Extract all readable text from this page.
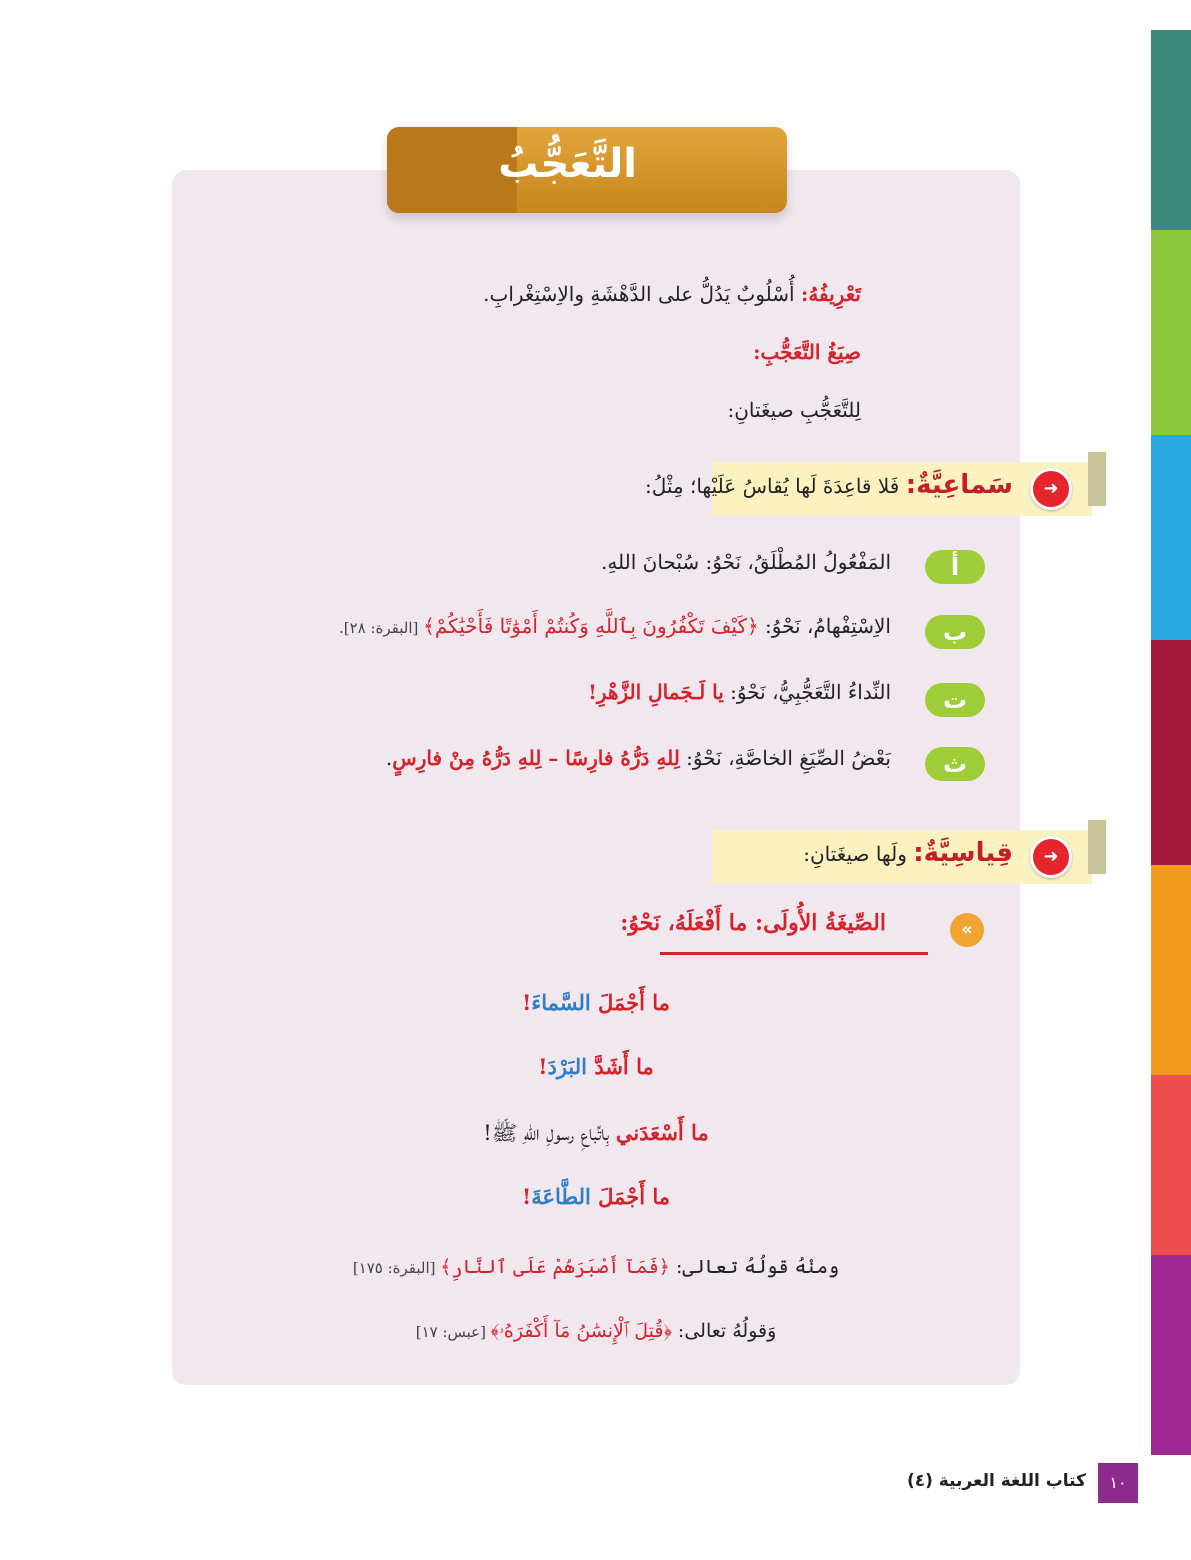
التَّعَجُّبُ
تَعْرِيفُهُ: أُسْلُوبٌ يَدُلُّ على الدَّهْشَةِ والاِسْتِغْرابِ.
صِيَغُ التَّعَجُّبِ:
لِلتَّعَجُّبِ صيغَتانِ:
➜
سَماعِيَّةٌ: فَلا قاعِدَةَ لَها يُقاسُ عَلَيْها؛ مِثْلُ:
أ
المَفْعُولُ المُطْلَقُ، نَحْوُ: سُبْحانَ اللهِ.
ب
الاِسْتِفْهامُ، نَحْوُ: ﴿كَيْفَ تَكْفُرُونَ بِٱللَّهِ وَكُنتُمْ أَمْوَٰتًا فَأَحْيَٰكُمْ﴾ [البقرة: ٢٨].
ت
النِّداءُ التَّعَجُّبِيُّ، نَحْوُ: يا لَـجَمالِ الزَّهْرِ!
ث
بَعْضُ الصِّيَغِ الخاصَّةِ، نَحْوُ: لِلهِ دَرُّهُ فارِسًا – لِلهِ دَرُّهُ مِنْ فارِسٍ.
➜
قِياسِيَّةٌ: ولَها صيغَتانِ:
«
الصِّيغَةُ الأُولَى: ما أَفْعَلَهُ، نَحْوُ:
ما أَجْمَلَ السَّماءَ!
ما أَشَدَّ البَرْدَ!
ما أَسْعَدَني بِاتِّباعِ رسولِ اللهِ ﷺ!
ما أَجْمَلَ الطَّاعَةَ!
ومنْهُ قولُهُ تعالى: ﴿فَمَآ أَصْبَرَهُمْ عَلَى ٱلنَّارِ﴾ [البقرة: ١٧٥]
وَقولُهُ تعالى: ﴿قُتِلَ ٱلْإِنسَٰنُ مَآ أَكْفَرَهُۥ﴾ [عبس: ١٧]
١٠
كتاب اللغة العربية (٤)
